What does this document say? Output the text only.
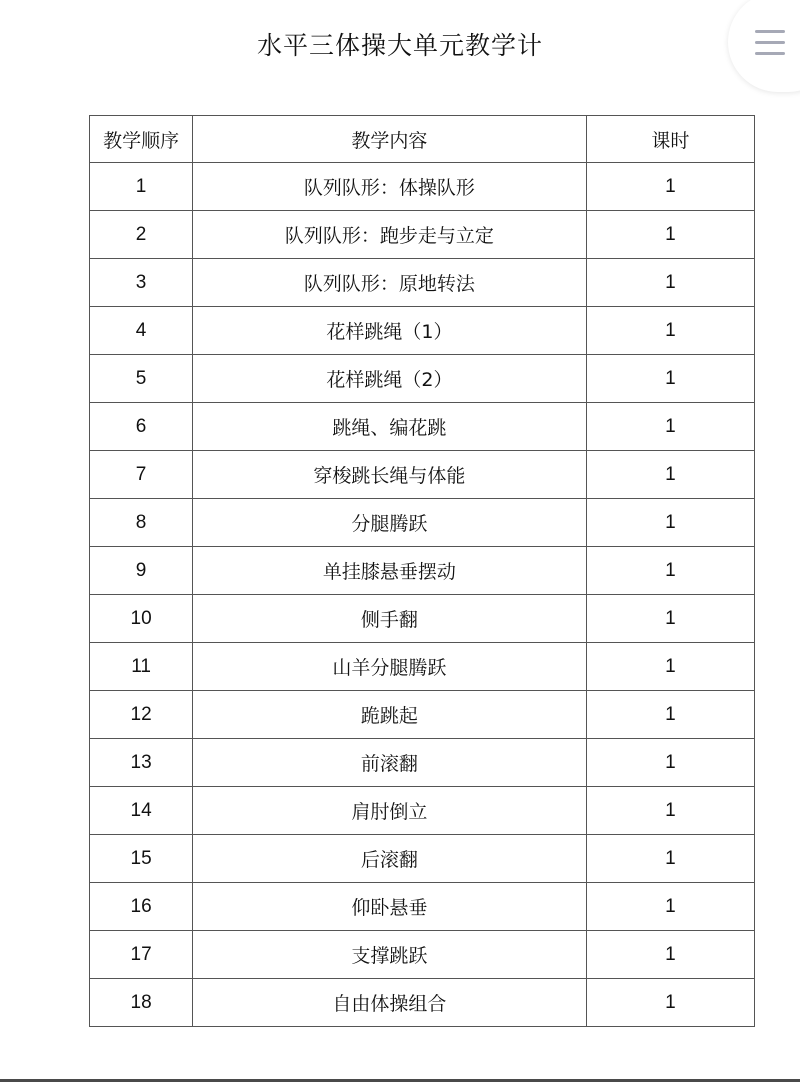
水平三体操大单元教学计
教学顺序	教学内容	课时
1	队列队形：体操队形	1
2	队列队形：跑步走与立定	1
3	队列队形：原地转法	1
4	花样跳绳（1）	1
5	花样跳绳（2）	1
6	跳绳、编花跳	1
7	穿梭跳长绳与体能	1
8	分腿腾跃	1
9	单挂膝悬垂摆动	1
10	侧手翻	1
11	山羊分腿腾跃	1
12	跪跳起	1
13	前滚翻	1
14	肩肘倒立	1
15	后滚翻	1
16	仰卧悬垂	1
17	支撑跳跃	1
18	自由体操组合	1
